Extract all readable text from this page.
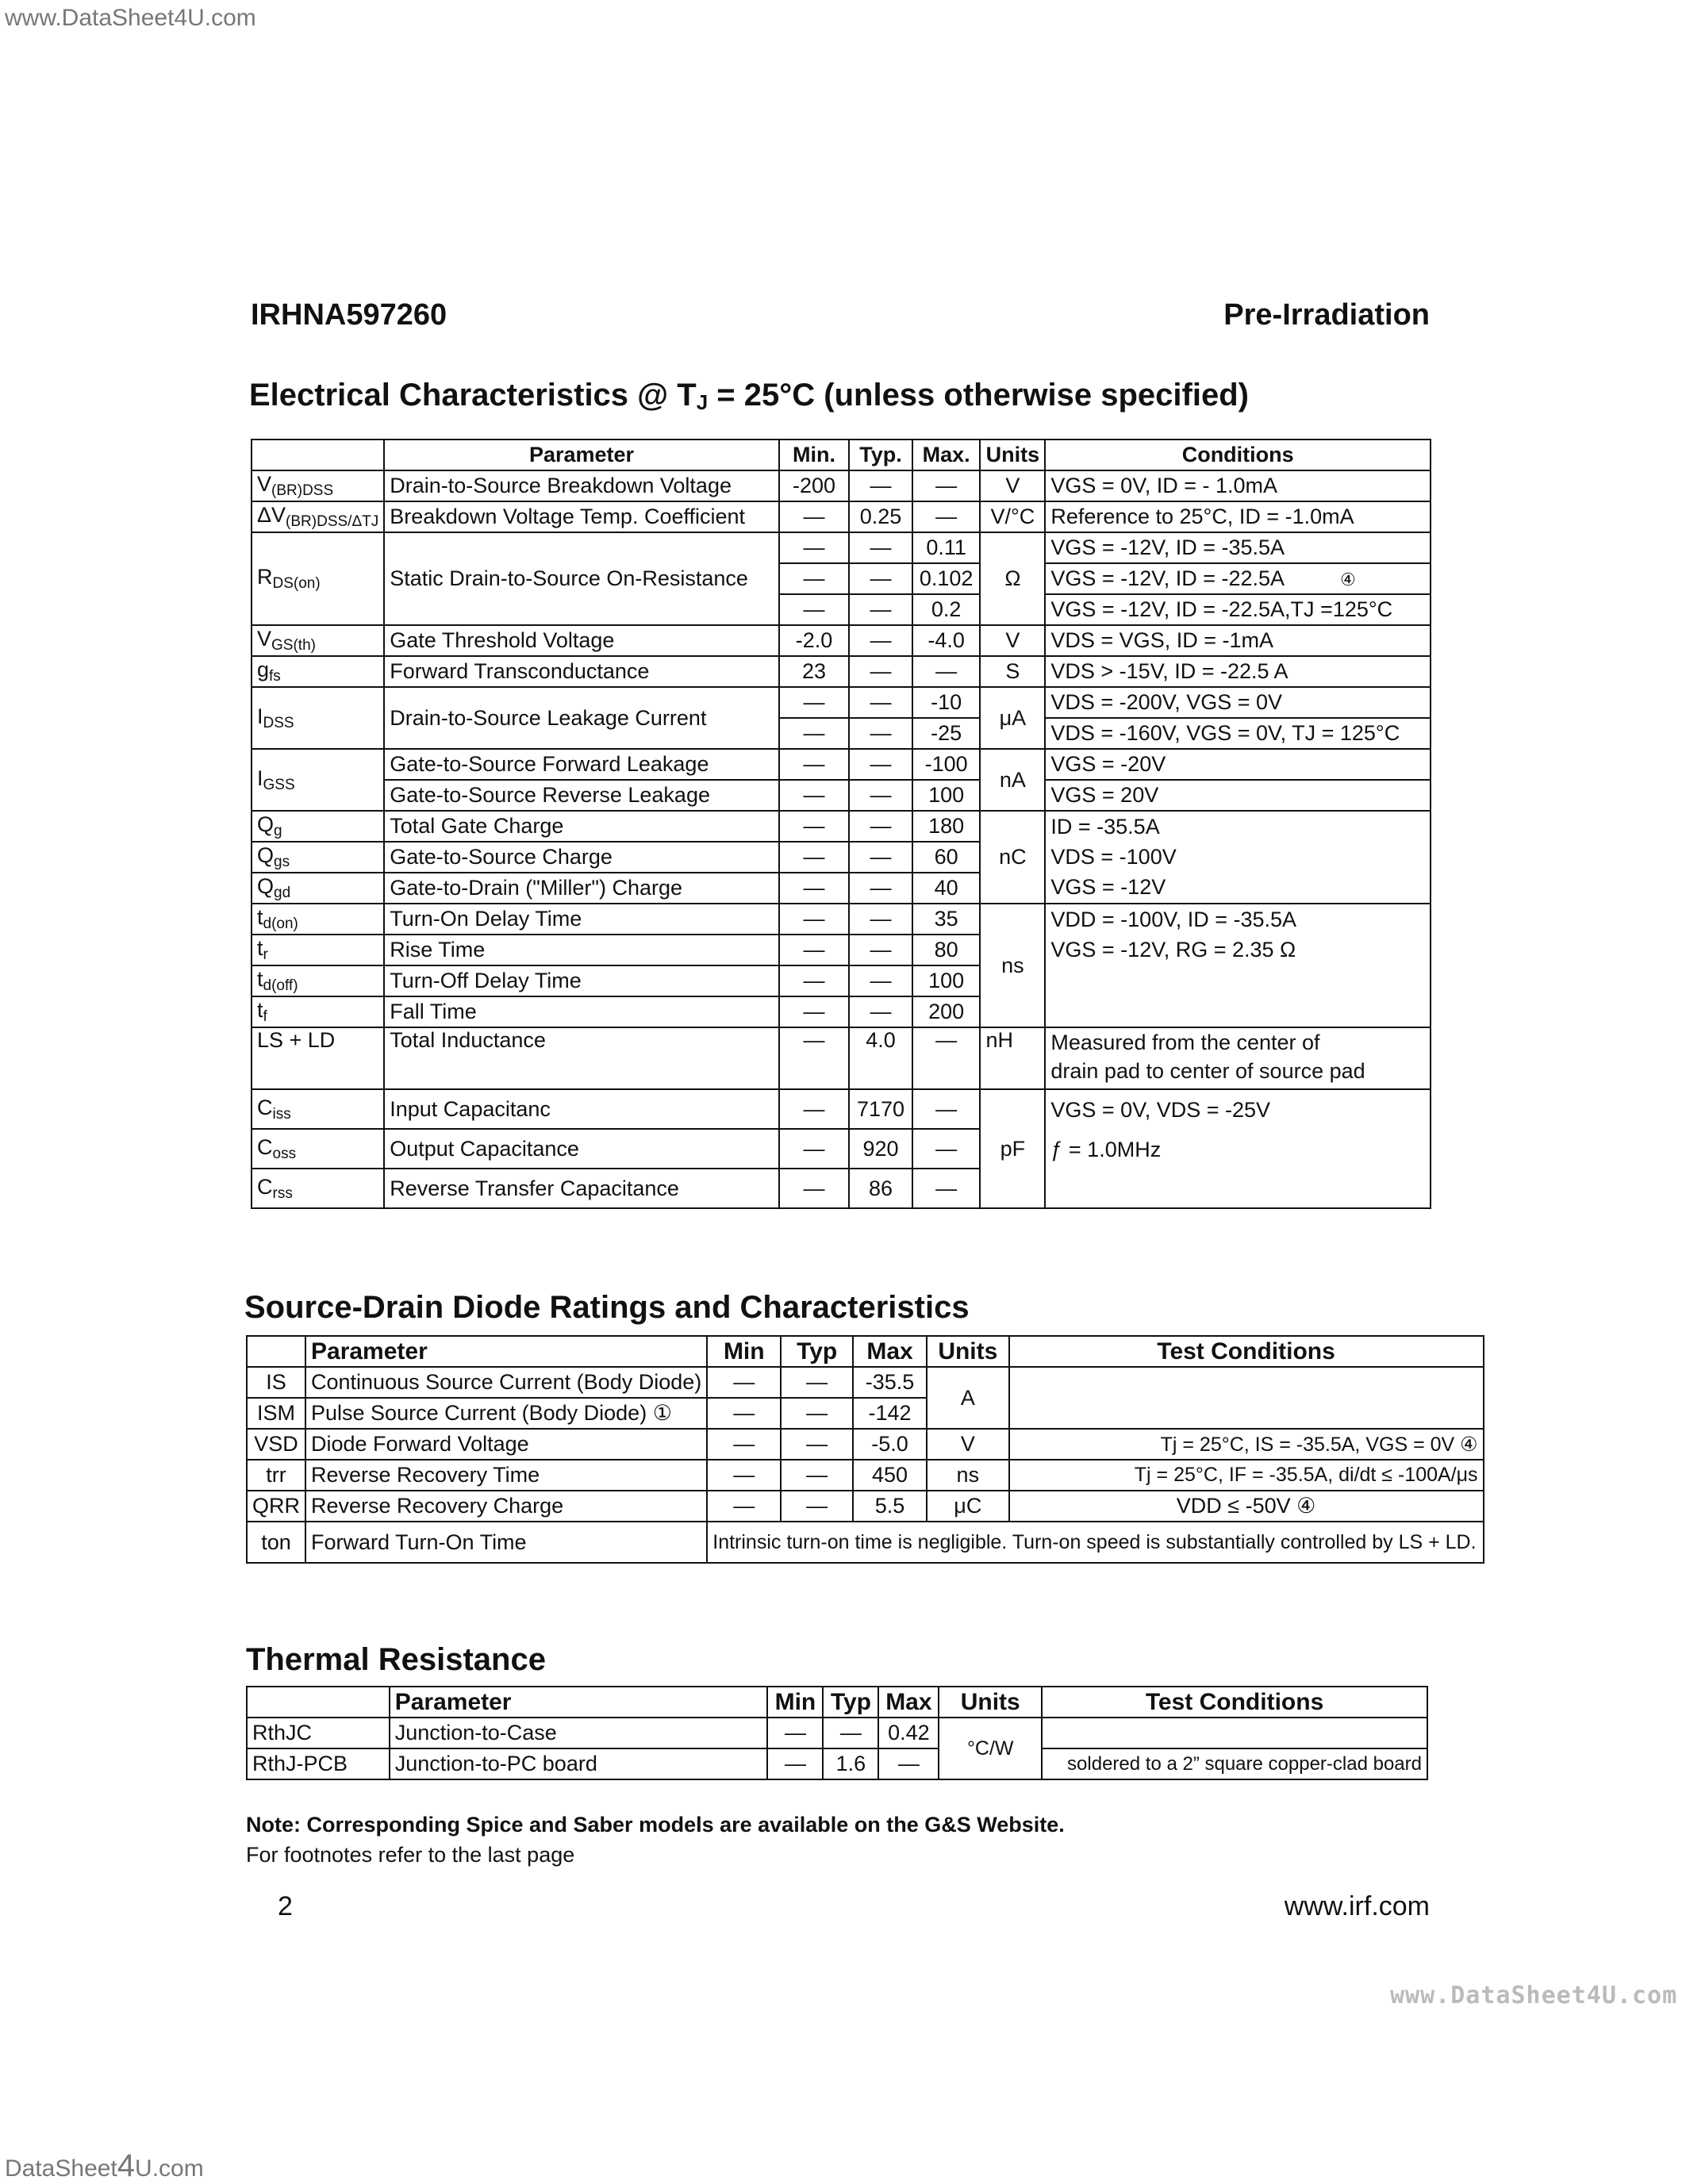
www.DataSheet4U.com
www.DataSheet4U.com
DataSheet4U.com
IRHNA597260	Pre-Irradiation
Electrical Characteristics @ $T_J = 25^\circ C$ (unless otherwise specified)
	Parameter	Min.	Typ.	Max.	Units	Conditions
$V_{(BR)DSS}$	Drain-to-Source Breakdown Voltage	-200	—	—	V	VGS = 0V, ID = - 1.0mA
$\Delta V_{(BR)DSS/\Delta TJ}$	Breakdown Voltage Temp. Coefficient	—	0.25	—	V/°C	Reference to 25°C, ID = -1.0mA
$R_{DS(on)}$	Static Drain-to-Source On-Resistance	—	—	0.11	Ω	VGS = -12V, ID = -35.5A
		—	—	0.102		VGS = -12V, ID = -22.5A ④
		—	—	0.2		VGS = -12V, ID = -22.5A,TJ =125°C
$V_{GS(th)}$	Gate Threshold Voltage	-2.0	—	-4.0	V	VDS = VGS, ID = -1mA
$g_{fs}$	Forward Transconductance	23	—	—	S	VDS > -15V, ID = -22.5 A
$I_{DSS}$	Drain-to-Source Leakage Current	—	—	-10	μA	VDS = -200V, VGS = 0V
		—	—	-25		VDS = -160V, VGS = 0V, TJ = 125°C
$I_{GSS}$	Gate-to-Source Forward Leakage	—	—	-100	nA	VGS = -20V
	Gate-to-Source Reverse Leakage	—	—	100		VGS = 20V
$Q_g$	Total Gate Charge	—	—	180	nC	ID = -35.5A
VDS = -100V
VGS = -12V

$Q_{gs}$	Gate-to-Source Charge	—	—	60		
$Q_{gd}$	Gate-to-Drain ("Miller") Charge	—	—	40		
$t_{d(on)}$	Turn-On Delay Time	—	—	35	ns	VDD = -100V, ID = -35.5A
VGS = -12V, RG = 2.35 Ω

$t_r$	Rise Time	—	—	80		
$t_{d(off)}$	Turn-Off Delay Time	—	—	100		
$t_f$	Fall Time	—	—	200		
LS + LD	Total Inductance	—	4.0	—	nH	Measured from the center of
drain pad to center of source pad

$C_{iss}$	Input Capacitanc	—	7170	—	pF	VGS = 0V, VDS = -25V
ƒ = 1.0MHz

$C_{oss}$	Output Capacitance	—	920	—		
$C_{rss}$	Reverse Transfer Capacitance	—	86	—		
Source-Drain Diode Ratings and Characteristics
	Parameter	Min	Typ	Max	Units	Test Conditions
IS	Continuous Source Current (Body Diode)	—	—	-35.5	A	
ISM	Pulse Source Current (Body Diode) ①	—	—	-142		
VSD	Diode Forward Voltage	—	—	-5.0	V	Tj = 25°C, IS = -35.5A, VGS = 0V ④
trr	Reverse Recovery Time	—	—	450	ns	Tj = 25°C, IF = -35.5A, di/dt ≤ -100A/μs
QRR	Reverse Recovery Charge	—	—	5.5	μC	VDD ≤ -50V ④
ton	Forward Turn-On Time	Intrinsic turn-on time is negligible. Turn-on speed is substantially controlled by LS + LD.				
Thermal Resistance
	Parameter	Min	Typ	Max	Units	Test Conditions
RthJC	Junction-to-Case	—	—	0.42	°C/W	
RthJ-PCB	Junction-to-PC board	—	1.6	—		soldered to a 2” square copper-clad board
Note: Corresponding Spice and Saber models are available on the G&S Website.
For footnotes refer to the last page
2	www.irf.com
